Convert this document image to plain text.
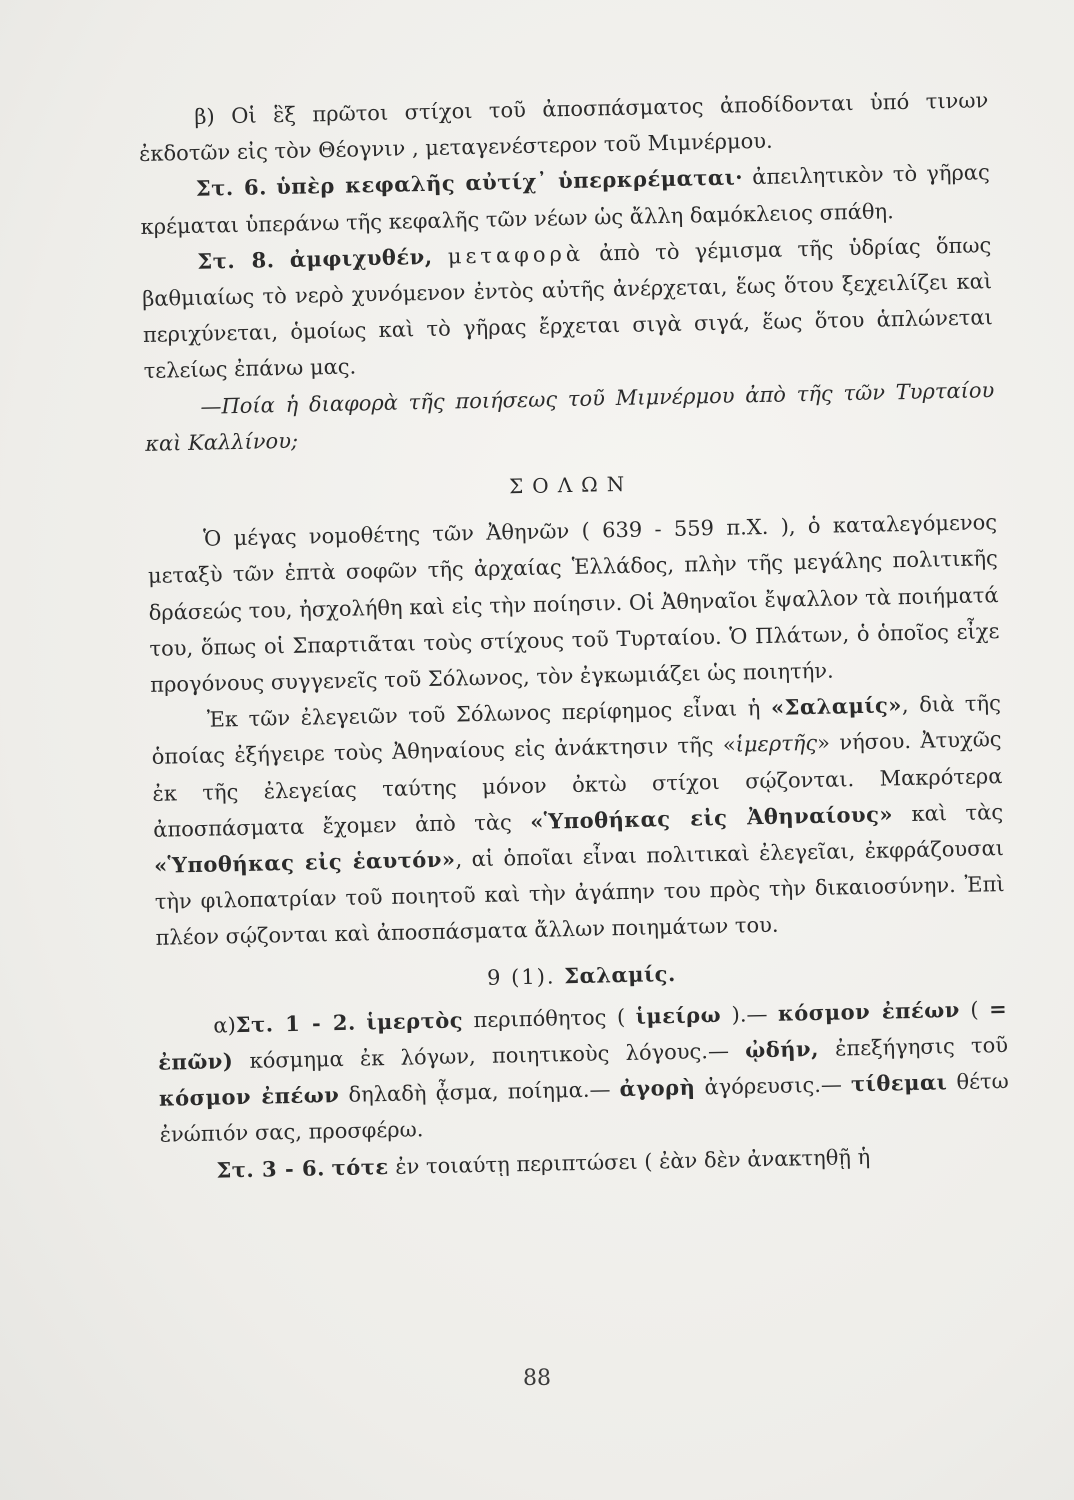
β) Οἱ ἓξ πρῶτοι στίχοι τοῦ ἀποσπάσματος ἀποδίδονται ὑπό τινων ἐκδοτῶν εἰς τὸν Θέογνιν , μεταγενέστερον τοῦ Μιμνέρμου.

Στ. 6. ὑπὲρ κεφαλῆς αὐτίχ᾽ ὑπερκρέμαται· ἀπειλητικὸν τὸ γῆρας κρέμαται ὑπεράνω τῆς κεφαλῆς τῶν νέων ὡς ἄλλη δαμόκλειος σπάθη.

Στ. 8. ἀμφιχυθέν, μεταφορὰ ἀπὸ τὸ γέμισμα τῆς ὑδρίας ὅπως βαθμιαίως τὸ νερὸ χυνόμενον ἐντὸς αὐτῆς ἀνέρχεται, ἕως ὅτου ξεχειλίζει καὶ περιχύνεται, ὁμοίως καὶ τὸ γῆρας ἔρχεται σιγὰ σιγά, ἕως ὅτου ἁπλώνεται τελείως ἐπάνω μας.

—Ποία ἡ διαφορὰ τῆς ποιήσεως τοῦ Μιμνέρμου ἀπὸ τῆς τῶν Τυρταίου καὶ Καλλίνου;

ΣΟΛΩΝ

Ὁ μέγας νομοθέτης τῶν Ἀθηνῶν ( 639 - 559 π.Χ. ), ὁ καταλεγόμενος μεταξὺ τῶν ἑπτὰ σοφῶν τῆς ἀρχαίας Ἑλλάδος, πλὴν τῆς μεγάλης πολιτικῆς δράσεώς του, ἠσχολήθη καὶ εἰς τὴν ποίησιν. Οἱ Ἀθηναῖοι ἔψαλλον τὰ ποιήματά του, ὅπως οἱ Σπαρτιᾶται τοὺς στίχους τοῦ Τυρταίου. Ὁ Πλάτων, ὁ ὁποῖος εἶχε προγόνους συγγενεῖς τοῦ Σόλωνος, τὸν ἐγκωμιάζει ὡς ποιητήν.

Ἐκ τῶν ἐλεγειῶν τοῦ Σόλωνος περίφημος εἶναι ἡ «Σαλαμίς», διὰ τῆς ὁποίας ἐξήγειρε τοὺς Ἀθηναίους εἰς ἀνάκτησιν τῆς «ἱμερτῆς» νήσου. Ἀτυχῶς ἐκ τῆς ἐλεγείας ταύτης μόνον ὀκτὼ στίχοι σῴζονται. Μακρότερα ἀποσπάσματα ἔχομεν ἀπὸ τὰς «Ὑποθήκας εἰς Ἀθηναίους» καὶ τὰς «Ὑποθήκας εἰς ἑαυτόν», αἱ ὁποῖαι εἶναι πολιτικαὶ ἐλεγεῖαι, ἐκφράζουσαι τὴν φιλοπατρίαν τοῦ ποιητοῦ καὶ τὴν ἀγάπην του πρὸς τὴν δικαιοσύνην. Ἐπὶ πλέον σῴζονται καὶ ἀποσπάσματα ἄλλων ποιημάτων του.

9 (1). Σαλαμίς.

α)Στ. 1 - 2. ἱμερτὸς περιπόθητος ( ἱμείρω ).— κόσμον ἐπέων ( = ἐπῶν) κόσμημα ἐκ λόγων, ποιητικοὺς λόγους.— ᾠδήν, ἐπεξήγησις τοῦ κόσμον ἐπέων δηλαδὴ ᾆσμα, ποίημα.— ἀγορὴ ἀγόρευσις.— τίθεμαι θέτω ἐνώπιόν σας, προσφέρω.

Στ. 3 - 6. τότε ἐν τοιαύτῃ περιπτώσει ( ἐὰν δὲν ἀνακτηθῇ ἡ

88
